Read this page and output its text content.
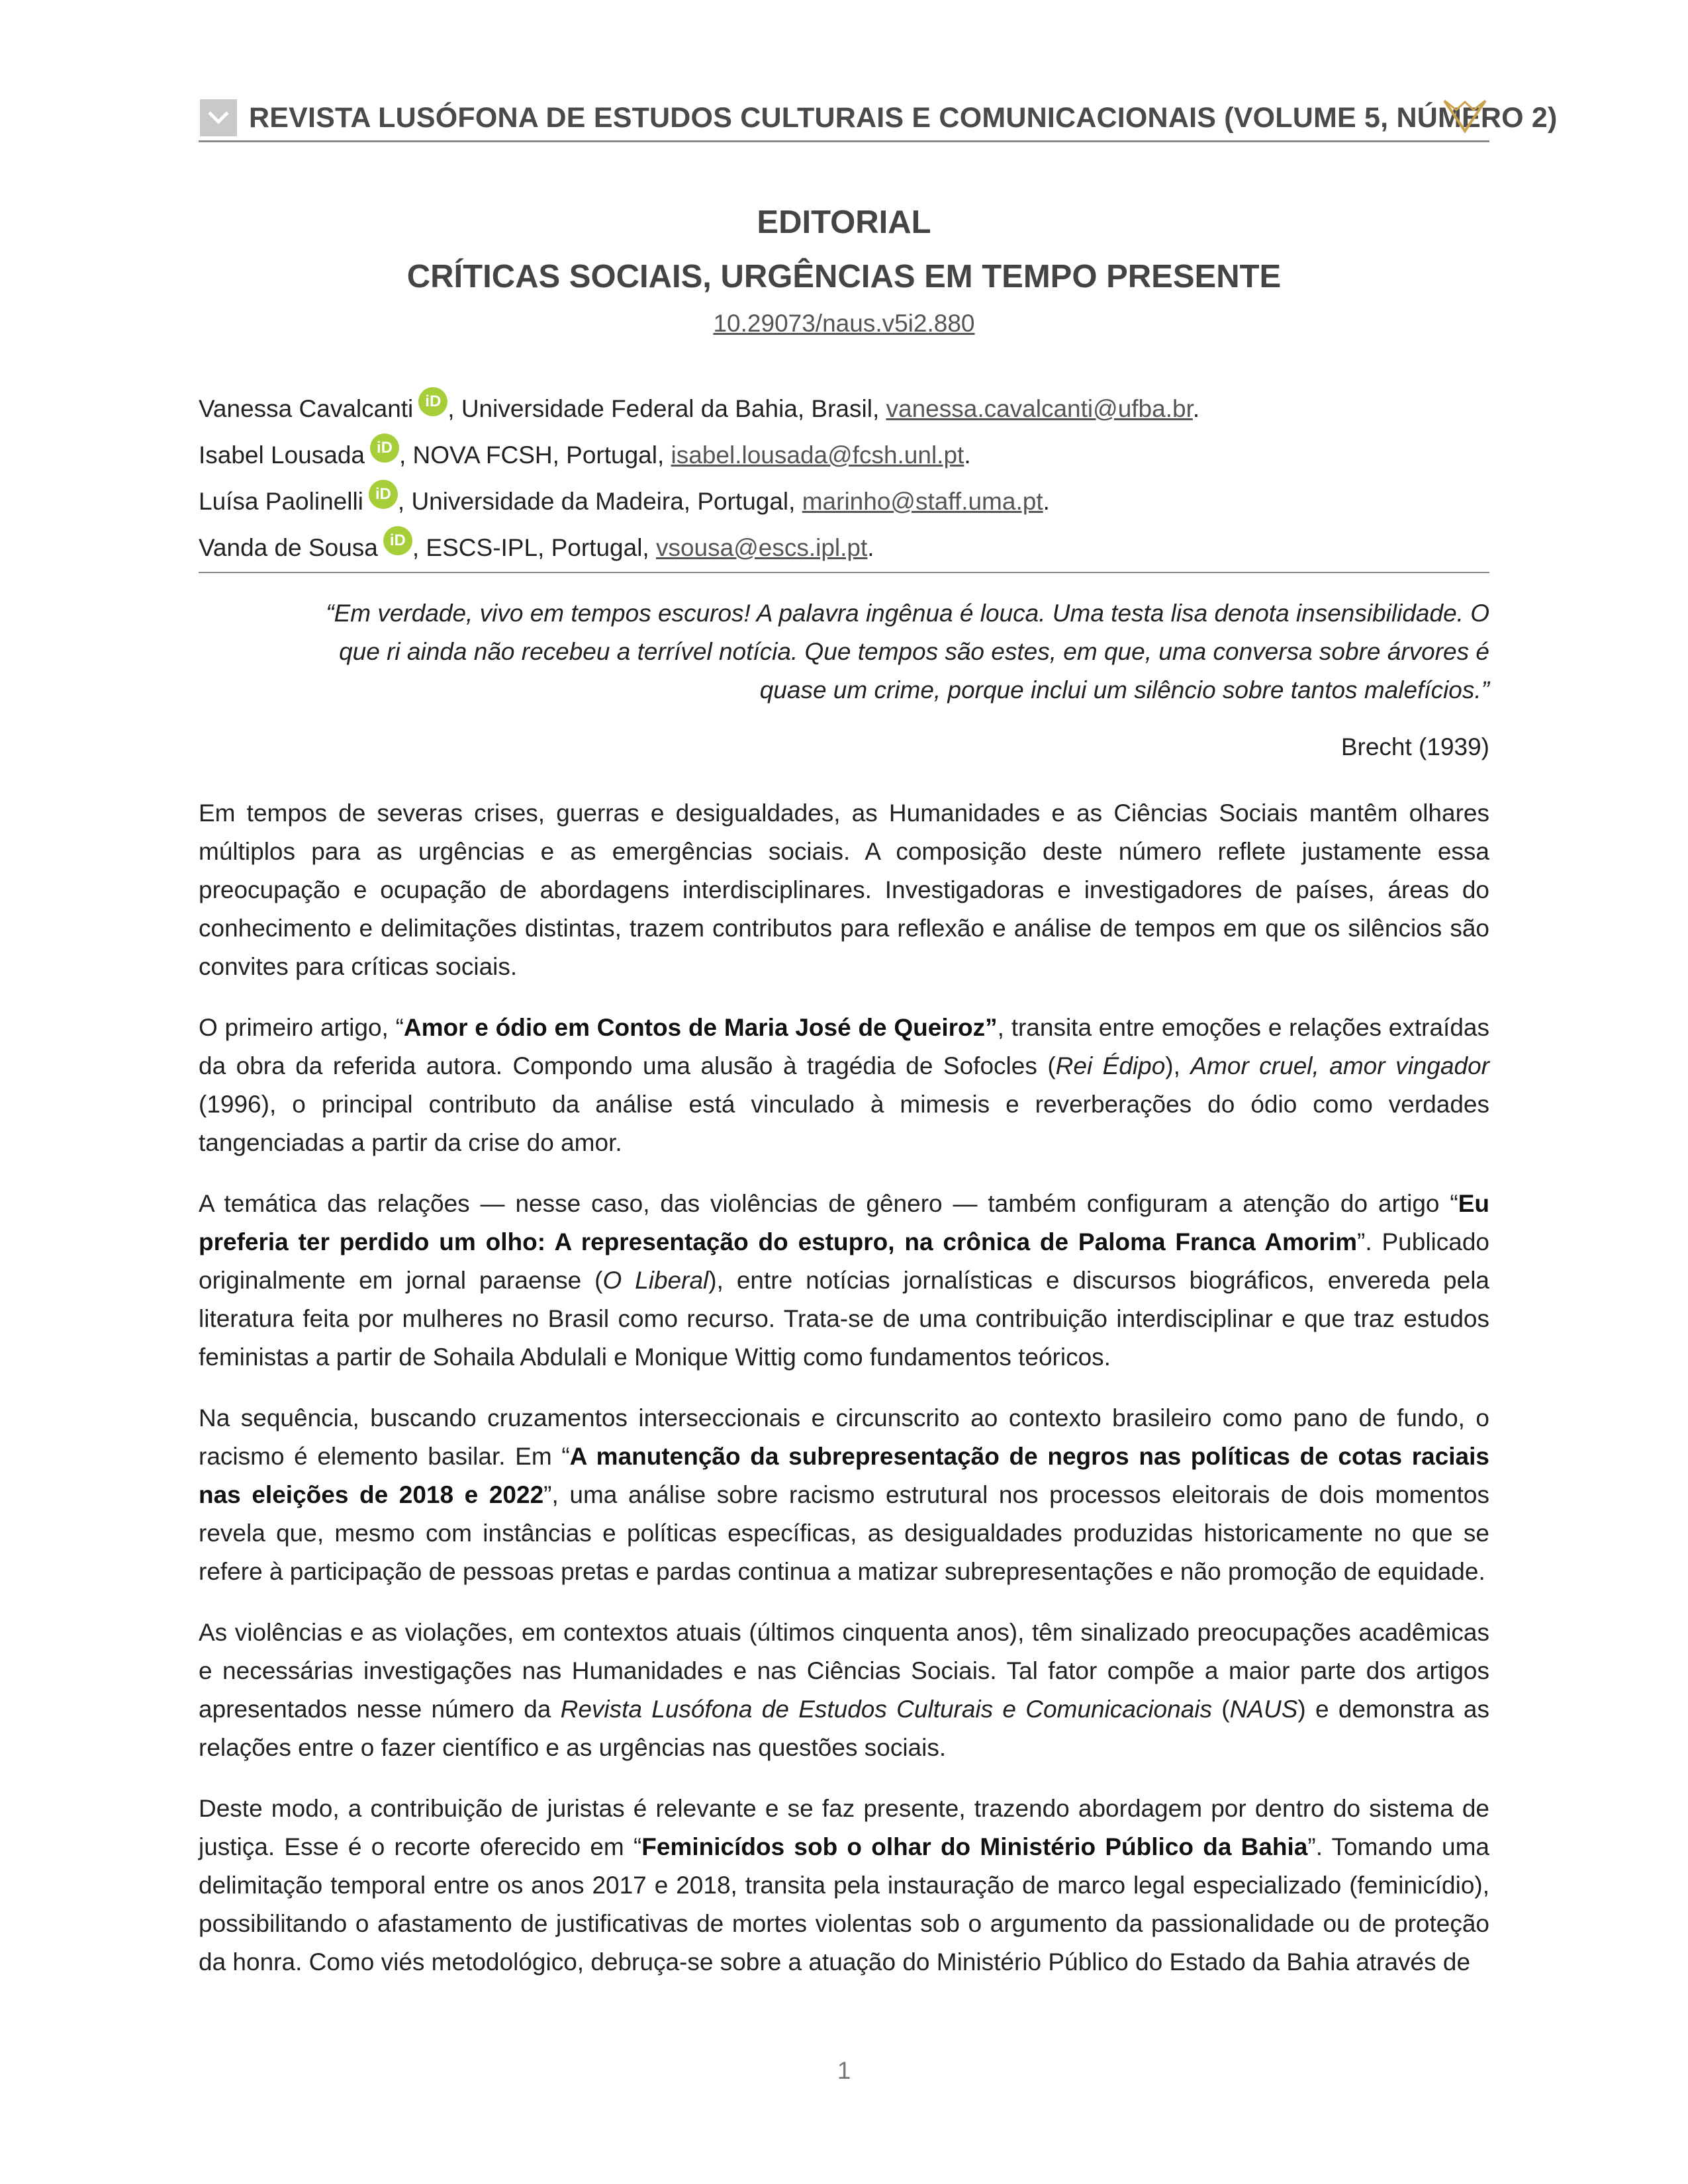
REVISTA LUSÓFONA DE ESTUDOS CULTURAIS E COMUNICACIONAIS (VOLUME 5, NÚMERO 2)
EDITORIAL
CRÍTICAS SOCIAIS, URGÊNCIAS EM TEMPO PRESENTE
10.29073/naus.v5i2.880
Vanessa Cavalcanti iD , Universidade Federal da Bahia, Brasil, vanessa.cavalcanti@ufba.br.
Isabel Lousada iD , NOVA FCSH, Portugal, isabel.lousada@fcsh.unl.pt.
Luísa Paolinelli iD , Universidade da Madeira, Portugal, marinho@staff.uma.pt.
Vanda de Sousa iD , ESCS-IPL, Portugal, vsousa@escs.ipl.pt.
“Em verdade, vivo em tempos escuros! A palavra ingênua é louca. Uma testa lisa denota insensibilidade. O
que ri ainda não recebeu a terrível notícia. Que tempos são estes, em que, uma conversa sobre árvores é
quase um crime, porque inclui um silêncio sobre tantos malefícios.”
Brecht (1939)

Em tempos de severas crises, guerras e desigualdades, as Humanidades e as Ciências Sociais mantêm olhares múltiplos para as urgências e as emergências sociais. A composição deste número reflete justamente essa preocupação e ocupação de abordagens interdisciplinares. Investigadoras e investigadores de países, áreas do conhecimento e delimitações distintas, trazem contributos para reflexão e análise de tempos em que os silêncios são convites para críticas sociais.

O primeiro artigo, “Amor e ódio em Contos de Maria José de Queiroz”, transita entre emoções e relações extraídas da obra da referida autora. Compondo uma alusão à tragédia de Sofocles (Rei Édipo), Amor cruel, amor vingador (1996), o principal contributo da análise está vinculado à mimesis e reverberações do ódio como verdades tangenciadas a partir da crise do amor.

A temática das relações — nesse caso, das violências de gênero — também configuram a atenção do artigo “Eu preferia ter perdido um olho: A representação do estupro, na crônica de Paloma Franca Amorim”. Publicado originalmente em jornal paraense (O Liberal), entre notícias jornalísticas e discursos biográficos, envereda pela literatura feita por mulheres no Brasil como recurso. Trata-se de uma contribuição interdisciplinar e que traz estudos feministas a partir de Sohaila Abdulali e Monique Wittig como fundamentos teóricos.

Na sequência, buscando cruzamentos interseccionais e circunscrito ao contexto brasileiro como pano de fundo, o racismo é elemento basilar. Em “A manutenção da subrepresentação de negros nas políticas de cotas raciais nas eleições de 2018 e 2022”, uma análise sobre racismo estrutural nos processos eleitorais de dois momentos revela que, mesmo com instâncias e políticas específicas, as desigualdades produzidas historicamente no que se refere à participação de pessoas pretas e pardas continua a matizar subrepresentações e não promoção de equidade.

As violências e as violações, em contextos atuais (últimos cinquenta anos), têm sinalizado preocupações acadêmicas e necessárias investigações nas Humanidades e nas Ciências Sociais. Tal fator compõe a maior parte dos artigos apresentados nesse número da Revista Lusófona de Estudos Culturais e Comunicacionais (NAUS) e demonstra as relações entre o fazer científico e as urgências nas questões sociais.

Deste modo, a contribuição de juristas é relevante e se faz presente, trazendo abordagem por dentro do sistema de justiça. Esse é o recorte oferecido em “Feminicídos sob o olhar do Ministério Público da Bahia”. Tomando uma delimitação temporal entre os anos 2017 e 2018, transita pela instauração de marco legal especializado (feminicídio), possibilitando o afastamento de justificativas de mortes violentas sob o argumento da passionalidade ou de proteção da honra. Como viés metodológico, debruça-se sobre a atuação do Ministério Público do Estado da Bahia através de

1
